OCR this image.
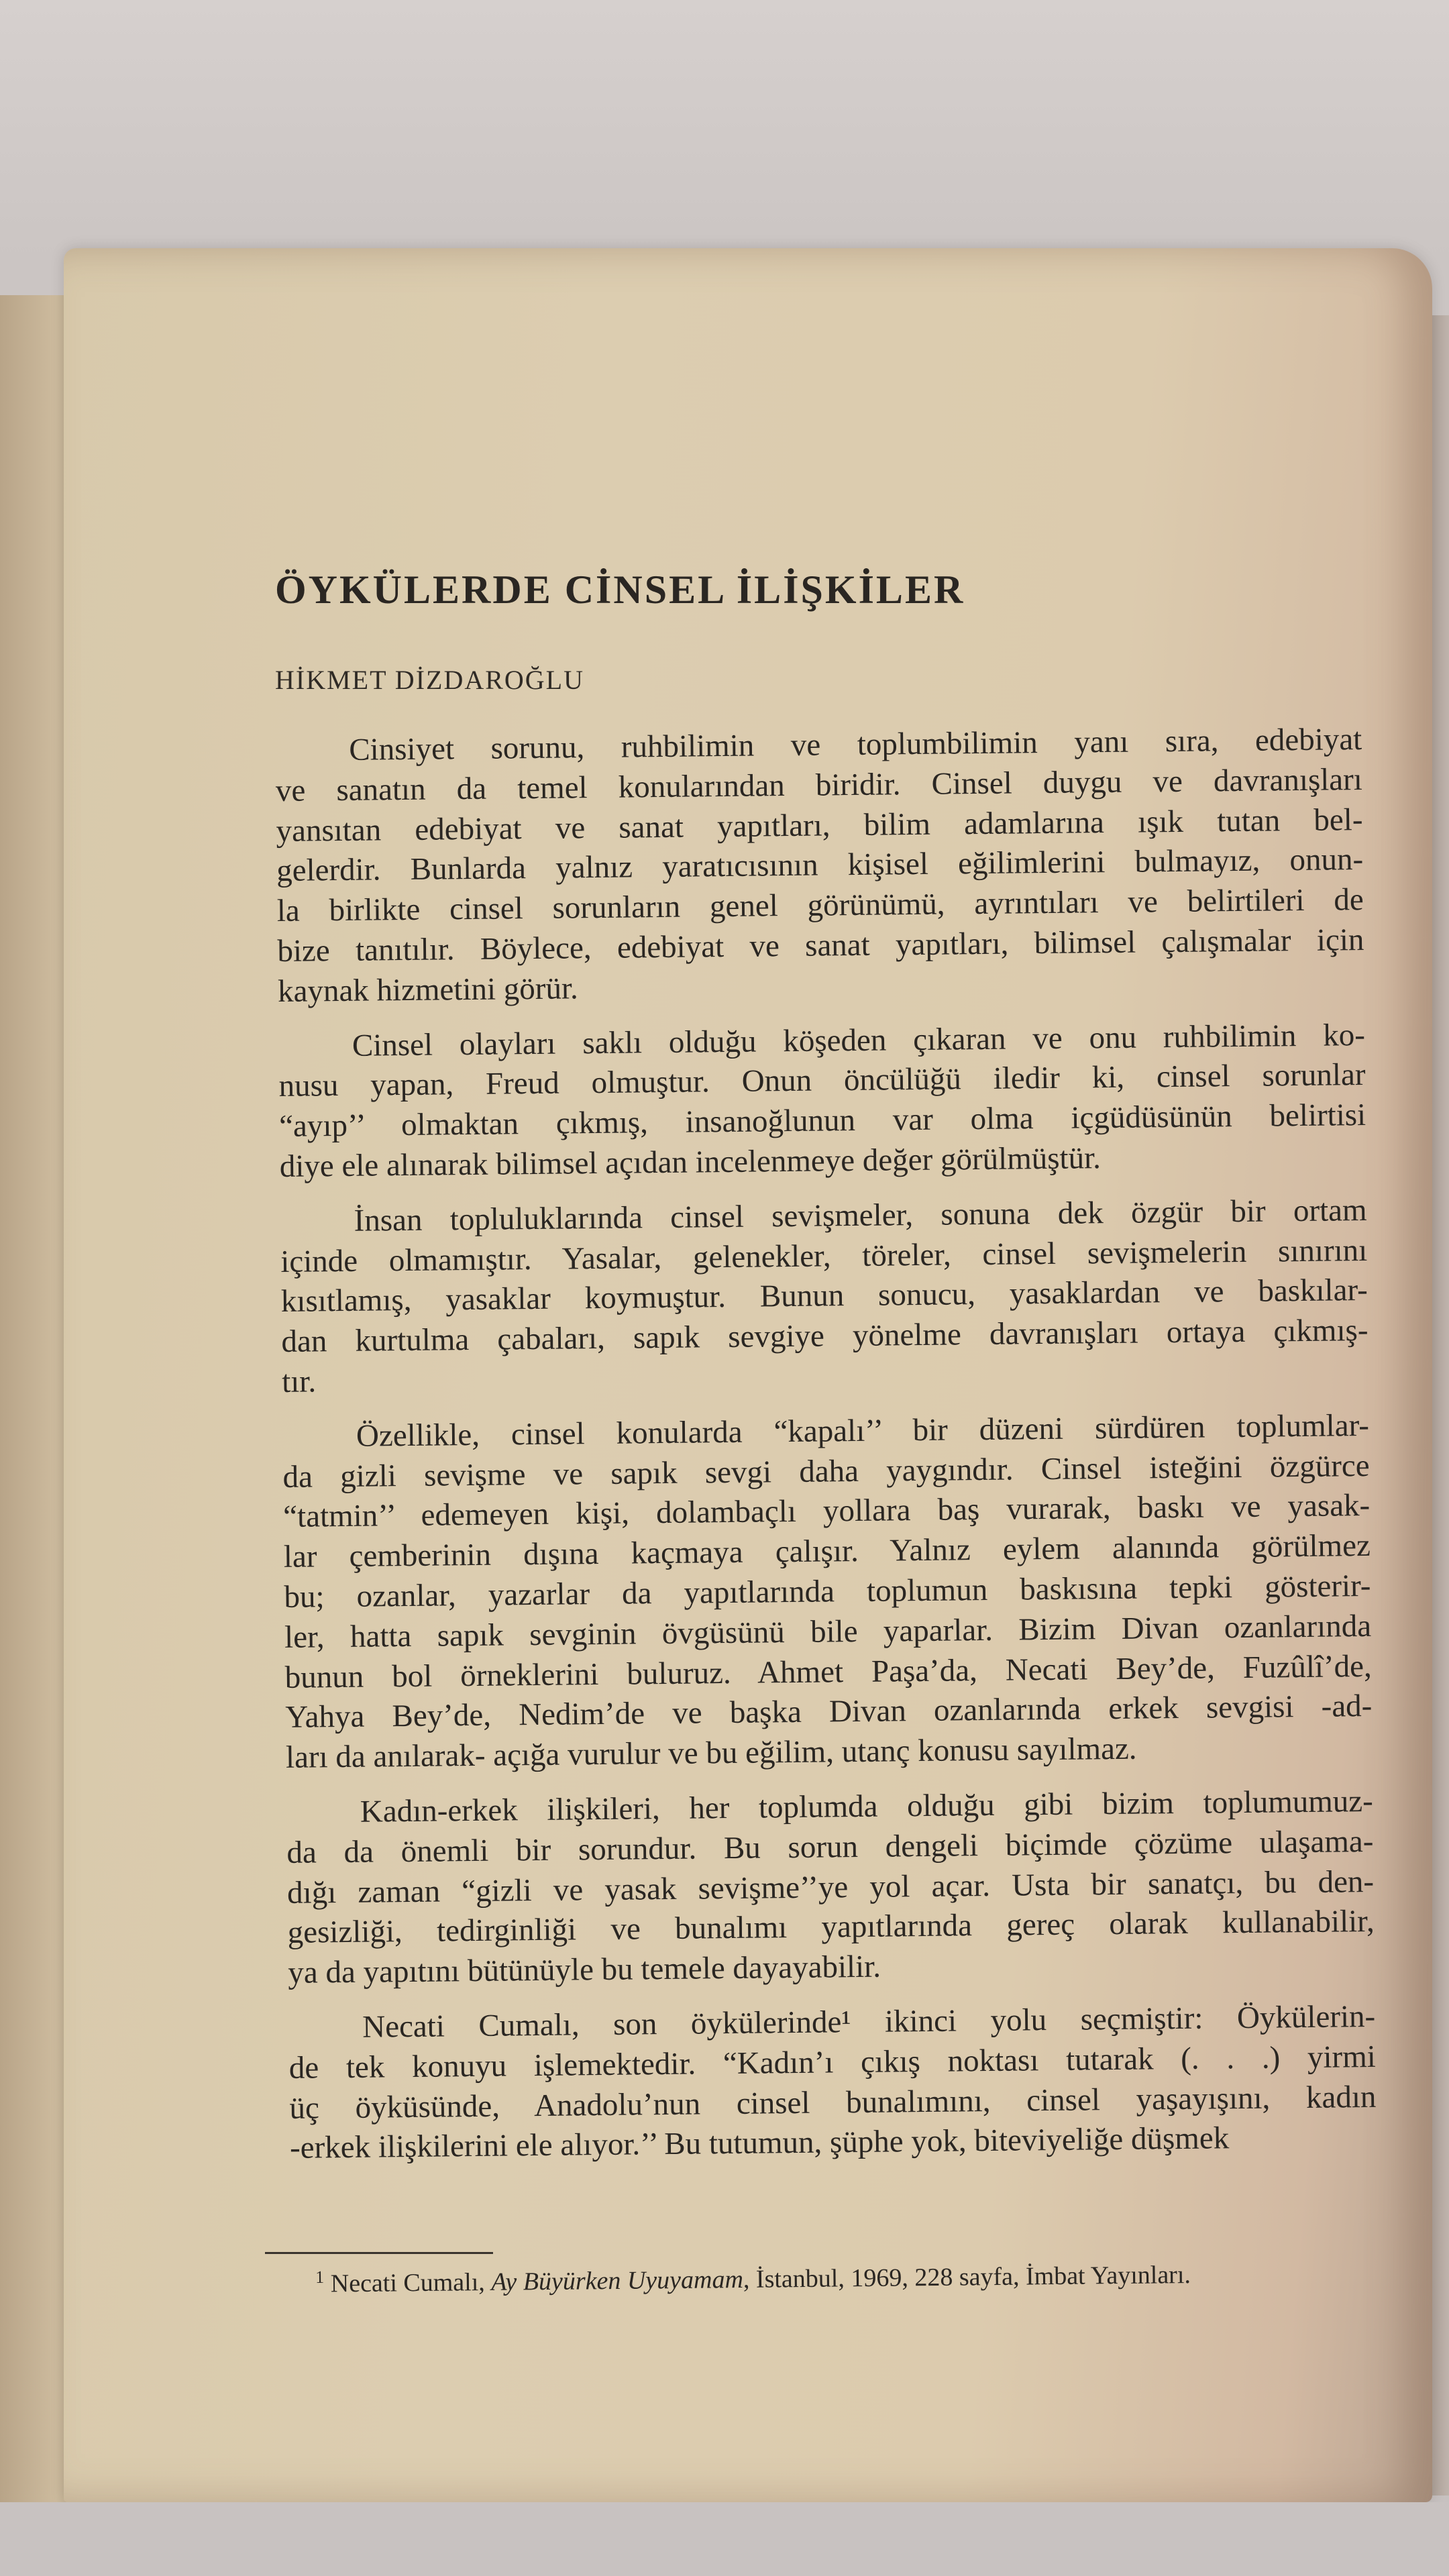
ÖYKÜLERDE CİNSEL İLİŞKİLER
HİKMET DİZDAROĞLU
Cinsiyet sorunu, ruhbilimin ve toplumbilimin yanı sıra, edebiyat
ve sanatın da temel konularından biridir. Cinsel duygu ve davranışları
yansıtan edebiyat ve sanat yapıtları, bilim adamlarına ışık tutan bel-
gelerdir. Bunlarda yalnız yaratıcısının kişisel eğilimlerini bulmayız, onun-
la birlikte cinsel sorunların genel görünümü, ayrıntıları ve belirtileri de
bize tanıtılır. Böylece, edebiyat ve sanat yapıtları, bilimsel çalışmalar için
kaynak hizmetini görür.
Cinsel olayları saklı olduğu köşeden çıkaran ve onu ruhbilimin ko-
nusu yapan, Freud olmuştur. Onun öncülüğü iledir ki, cinsel sorunlar
“ayıp’’ olmaktan çıkmış, insanoğlunun var olma içgüdüsünün belirtisi
diye ele alınarak bilimsel açıdan incelenmeye değer görülmüştür.
İnsan topluluklarında cinsel sevişmeler, sonuna dek özgür bir ortam
içinde olmamıştır. Yasalar, gelenekler, töreler, cinsel sevişmelerin sınırını
kısıtlamış, yasaklar koymuştur. Bunun sonucu, yasaklardan ve baskılar-
dan kurtulma çabaları, sapık sevgiye yönelme davranışları ortaya çıkmış-
tır.
Özellikle, cinsel konularda “kapalı’’ bir düzeni sürdüren toplumlar-
da gizli sevişme ve sapık sevgi daha yaygındır. Cinsel isteğini özgürce
“tatmin’’ edemeyen kişi, dolambaçlı yollara baş vurarak, baskı ve yasak-
lar çemberinin dışına kaçmaya çalışır. Yalnız eylem alanında görülmez
bu; ozanlar, yazarlar da yapıtlarında toplumun baskısına tepki gösterir-
ler, hatta sapık sevginin övgüsünü bile yaparlar. Bizim Divan ozanlarında
bunun bol örneklerini buluruz. Ahmet Paşa’da, Necati Bey’de, Fuzûlî’de,
Yahya Bey’de, Nedim’de ve başka Divan ozanlarında erkek sevgisi -ad-
ları da anılarak- açığa vurulur ve bu eğilim, utanç konusu sayılmaz.
Kadın-erkek ilişkileri, her toplumda olduğu gibi bizim toplumumuz-
da da önemli bir sorundur. Bu sorun dengeli biçimde çözüme ulaşama-
dığı zaman “gizli ve yasak sevişme’’ye yol açar. Usta bir sanatçı, bu den-
gesizliği, tedirginliği ve bunalımı yapıtlarında gereç olarak kullanabilir,
ya da yapıtını bütünüyle bu temele dayayabilir.
Necati Cumalı, son öykülerinde¹ ikinci yolu seçmiştir: Öykülerin-
de tek konuyu işlemektedir. “Kadın’ı çıkış noktası tutarak (. . .) yirmi
üç öyküsünde, Anadolu’nun cinsel bunalımını, cinsel yaşayışını, kadın
-erkek ilişkilerini ele alıyor.’’ Bu tutumun, şüphe yok, biteviyeliğe düşmek
$^1$ Necati Cumalı, Ay Büyürken Uyuyamam, İstanbul, 1969, 228 sayfa, İmbat Yayınları.
